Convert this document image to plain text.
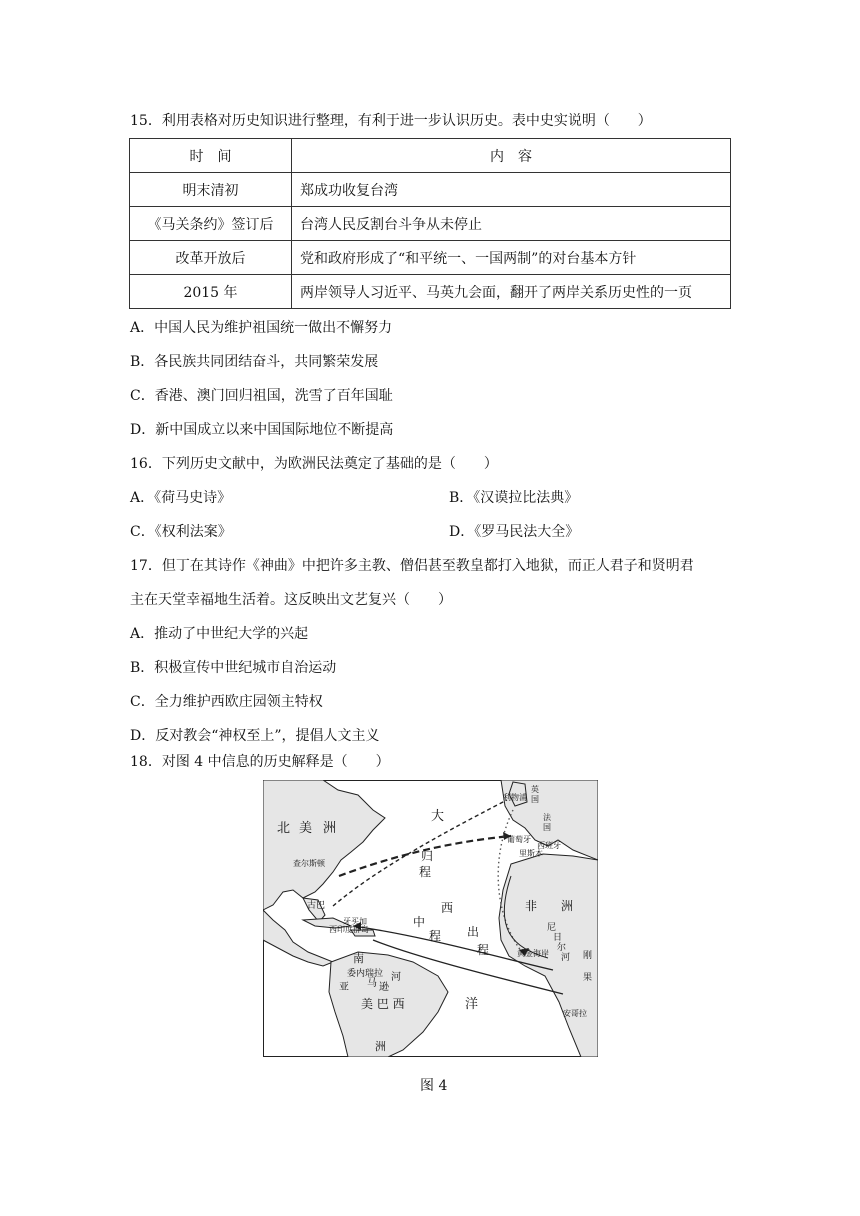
15．利用表格对历史知识进行整理，有利于进一步认识历史。表中史实说明（　　）
时　间	内　容
明末清初	郑成功收复台湾
《马关条约》签订后	台湾人民反割台斗争从未停止
改革开放后	党和政府形成了“和平统一、一国两制”的对台基本方针
2015 年	两岸领导人习近平、马英九会面，翻开了两岸关系历史性的一页
A．中国人民为维护祖国统一做出不懈努力
B．各民族共同团结奋斗，共同繁荣发展
C．香港、澳门回归祖国，洗雪了百年国耻
D．新中国成立以来中国国际地位不断提高
16．下列历史文献中，为欧洲民法奠定了基础的是（　　）
A．《荷马史诗》	B．《汉谟拉比法典》
C．《权利法案》	D．《罗马民法大全》
17．但丁在其诗作《神曲》中把许多主教、僧侣甚至教皇都打入地狱，而正人君子和贤明君
主在天堂幸福地生活着。这反映出文艺复兴（　　）
A．推动了中世纪大学的兴起
B．积极宣传中世纪城市自治运动
C．全力维护西欧庄园领主特权
D．反对教会“神权至上”，提倡人文主义
18．对图 4 中信息的历史解释是（　　）
北 美 洲
大
查尔斯顿
归
程
古巴
牙买加
西印度群岛
中
程
西
出
程
利物浦
英
国
法
国
葡萄牙
西班牙
里斯本
非 洲
尼
日
尔
河
黄金海岸	刚
果
安哥拉
南
委内瑞拉
亚 马 逊
河
美 巴 西	洋
洲
图 4
